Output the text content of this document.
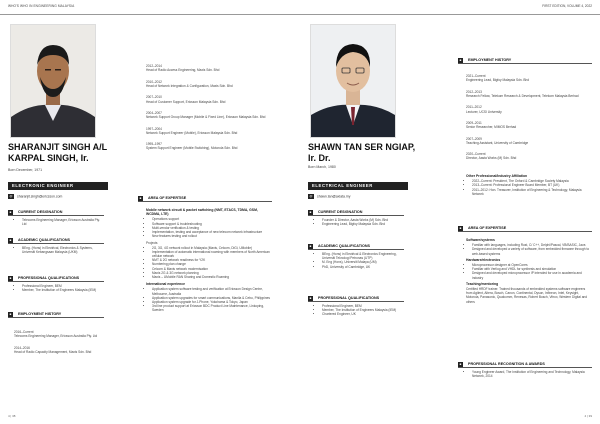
WHO'S WHO IN ENGINEERING MALAYSIA
SHARANJIT SINGH A/L
KARPAL SINGH, Ir.
Born December, 1971
ELECTRONIC ENGINEER
@ sharanjit.singh@ericsson.com
■	CURRENT DESIGNATION
• Telecoms Engineering Manager, Ericsson Australia Pty. Ltd
■	ACADEMIC QUALIFICATIONS
• BEng. (Hons) in Electrical, Electronics & Systems, Universiti Kebangsaan Malaysia (UKM)
■	PROFESSIONAL QUALIFICATIONS
• Professional Engineer, BEM
• Member, The Institution of Engineers Malaysia (IEM)
■	EMPLOYMENT HISTORY

2016–Current
Telecoms Engineering Manager, Ericsson Australia Pty. Ltd

2014–2016
Head of Radio Capacity Management, Maxis Sdn. Bhd

2012–2014
Head of Radio Access Engineering, Maxis Sdn. Bhd

2010–2012
Head of Network Integration & Configuration, Maxis Sdn. Bhd

2007–2010
Head of Customer Support, Ericsson Malaysia Sdn. Bhd

2004–2007
Network Support Group Manager (Mobile & Fixed Line), Ericsson Malaysia Sdn. Bhd

1997–2004
Network Support Engineer (Mobile), Ericsson Malaysia Sdn. Bhd

1995–1997
System Support Engineer (Mobile Switching), Motorola Sdn. Bhd

■	AREA OF EXPERTISE
Mobile network circuit & packet switching (NMT, ETACS, TDMA, GSM, WCDMA, LTE)
• Operations support
• Software support & troubleshooting
• Multi-vendor verification & testing
• Implementation, testing and acceptance of new telecom network infrastructure
• New features testing and rollout
Projects
• 2G, 3G, 4G network rollout in Malaysia (Maxis, Celcom, DiGi, UMobile)
• Implementation of automatic international roaming with members of North American cellular network
• NMT & 2G network readiness for Y2K
• Numbering plan change
• Celcom & Maxis network modernisation
• Maxis 2G & 3G network planning
• Maxis – UMobile RAN Sharing and Domestic Roaming
International experience
• Application system software testing and verification at Ericsson Design Centre, Melbourne, Australia
• Application system upgrades for smart communications, Manila & Cebu, Philippines
• Application system upgrade for J-Phone, Yokohama & Tokyo, Japan
• 3rd line product support at Ericsson BDC Product Line Maintenance, Linkoping, Sweden
4 | 38
FIRST EDITION, VOLUME 4, 2022
SHAWN TAN SER NGIAP,
Ir. Dr.
Born March, 1980
ELECTRICAL ENGINEER
@ shawn.tan@axiata.my
■	CURRENT DESIGNATION
• Founder & Director, Aasta Works (M) Sdn. Bhd
• Engineering Lead, Bigfoy Malaysia Sdn. Bhd
■	ACADEMIC QUALIFICATIONS
• BEng. (Hons) in Electrical & Electronics Engineering, Universiti Teknologi Petronas (UTP)
• M. Eng (Hons), Universiti Malaya (UM)
• PhD, University of Cambridge, UK
■	PROFESSIONAL QUALIFICATIONS
• Professional Engineer, BEM
• Member, The Institution of Engineers Malaysia (IEM)
• Chartered Engineer, UK
■	EMPLOYMENT HISTORY

2021–Current
Engineering Lead, Bigfoy Malaysia Sdn. Bhd

2012–2013
Research Fellow, Telekom Research & Development, Telekom Malaysia Berhad

2011–2012
Lecturer, UCSI University

2009–2011
Senior Researcher, MIMOS Berhad

2007–2009
Teaching Assistant, University of Cambridge

2020–Current
Director, Aasta Works (M) Sdn. Bhd

Other Professional/Industry Affiliation
• 2022–Current: President, The Oxford & Cambridge Society Malaysia
• 2013–Current: Professional Engineer Board Member, BT (UK)
• 2011–2012: Hon. Treasurer, Institution of Engineering & Technology, Malaysia Network
■	AREA OF EXPERTISE
Software/systems
• Familiar with languages, including Rust, C/ C++, Delphi/Pascal, VB/BASIC, Java
• Designed and developed a variety of software, from embedded firmware through to web-based systems
Hardware/electronics
• Microprocessor designer at OpenCores
• Familiar with Verilog and VHDL for synthesis and simulation
• Designed and developed microprocessor IP intended for use in academia and industry
Teaching/mentoring
Certified HRDF trainer. Trained thousands of embedded systems software engineers from Agilent, Altera, Bosch, Canon, Continental, Dyson, Infineon, Intel, Keysight, Motorola, Panasonic, Qualcomm, Renesas, Robert Bosch, Vitrox, Western Digital and others
■	PROFESSIONAL RECOGNITION & AWARDS
• Young Engineer Award, The Institution of Engineering and Technology, Malaysia Network, 2014
4 | 39
